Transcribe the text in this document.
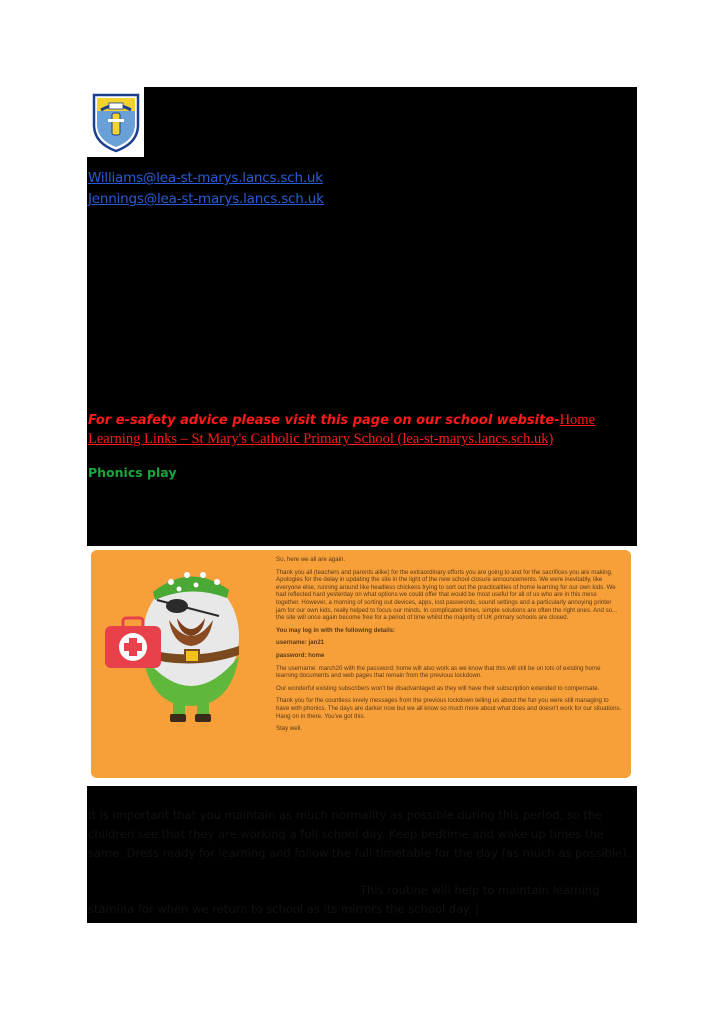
Williams@lea-st-marys.lancs.sch.uk
Jennings@lea-st-marys.lancs.sch.uk
For e-safety advice please visit this page on our school website-Home Learning Links – St Mary's Catholic Primary School (lea-st-marys.lancs.sch.uk)
Phonics play

So, here we all are again.

Thank you all (teachers and parents alike) for the extraordinary efforts you are going to and for the sacrifices you are making. Apologies for the delay in updating the site in the light of the new school closure announcements. We were inevitably, like everyone else, running around like headless chickens trying to sort out the practicalities of home learning for our own kids. We had reflected hard yesterday on what options we could offer that would be most useful for all of us who are in this mess together. However, a morning of sorting out devices, apps, lost passwords, sound settings and a particularly annoying printer jam for our own kids, really helped to focus our minds. In complicated times, simple solutions are often the right ones. And so... the site will once again become free for a period of time whilst the majority of UK primary schools are closed.

You may log in with the following details:

username: jan21

password: home

The username: march20 with the password: home will also work as we know that this will still be on lots of existing home learning documents and web pages that remain from the previous lockdown.

Our wonderful existing subscribers won't be disadvantaged as they will have their subscription extended to compensate.

Thank you for the countless lovely messages from the previous lockdown telling us about the fun you were still managing to have with phonics. The days are darker now but we all know so much more about what does and doesn't work for our situations. Hang on in there. You've got this.

Stay well.

It is important that you maintain as much normality as possible during this period, so the children see that they are working a full school day. Keep bedtime and wake up times the same. Dress ready for learning and follow the full timetable for the day (as much as possible).

This routine will help to maintain learning

stamina for when we return to school as its mirrors the school day. J
